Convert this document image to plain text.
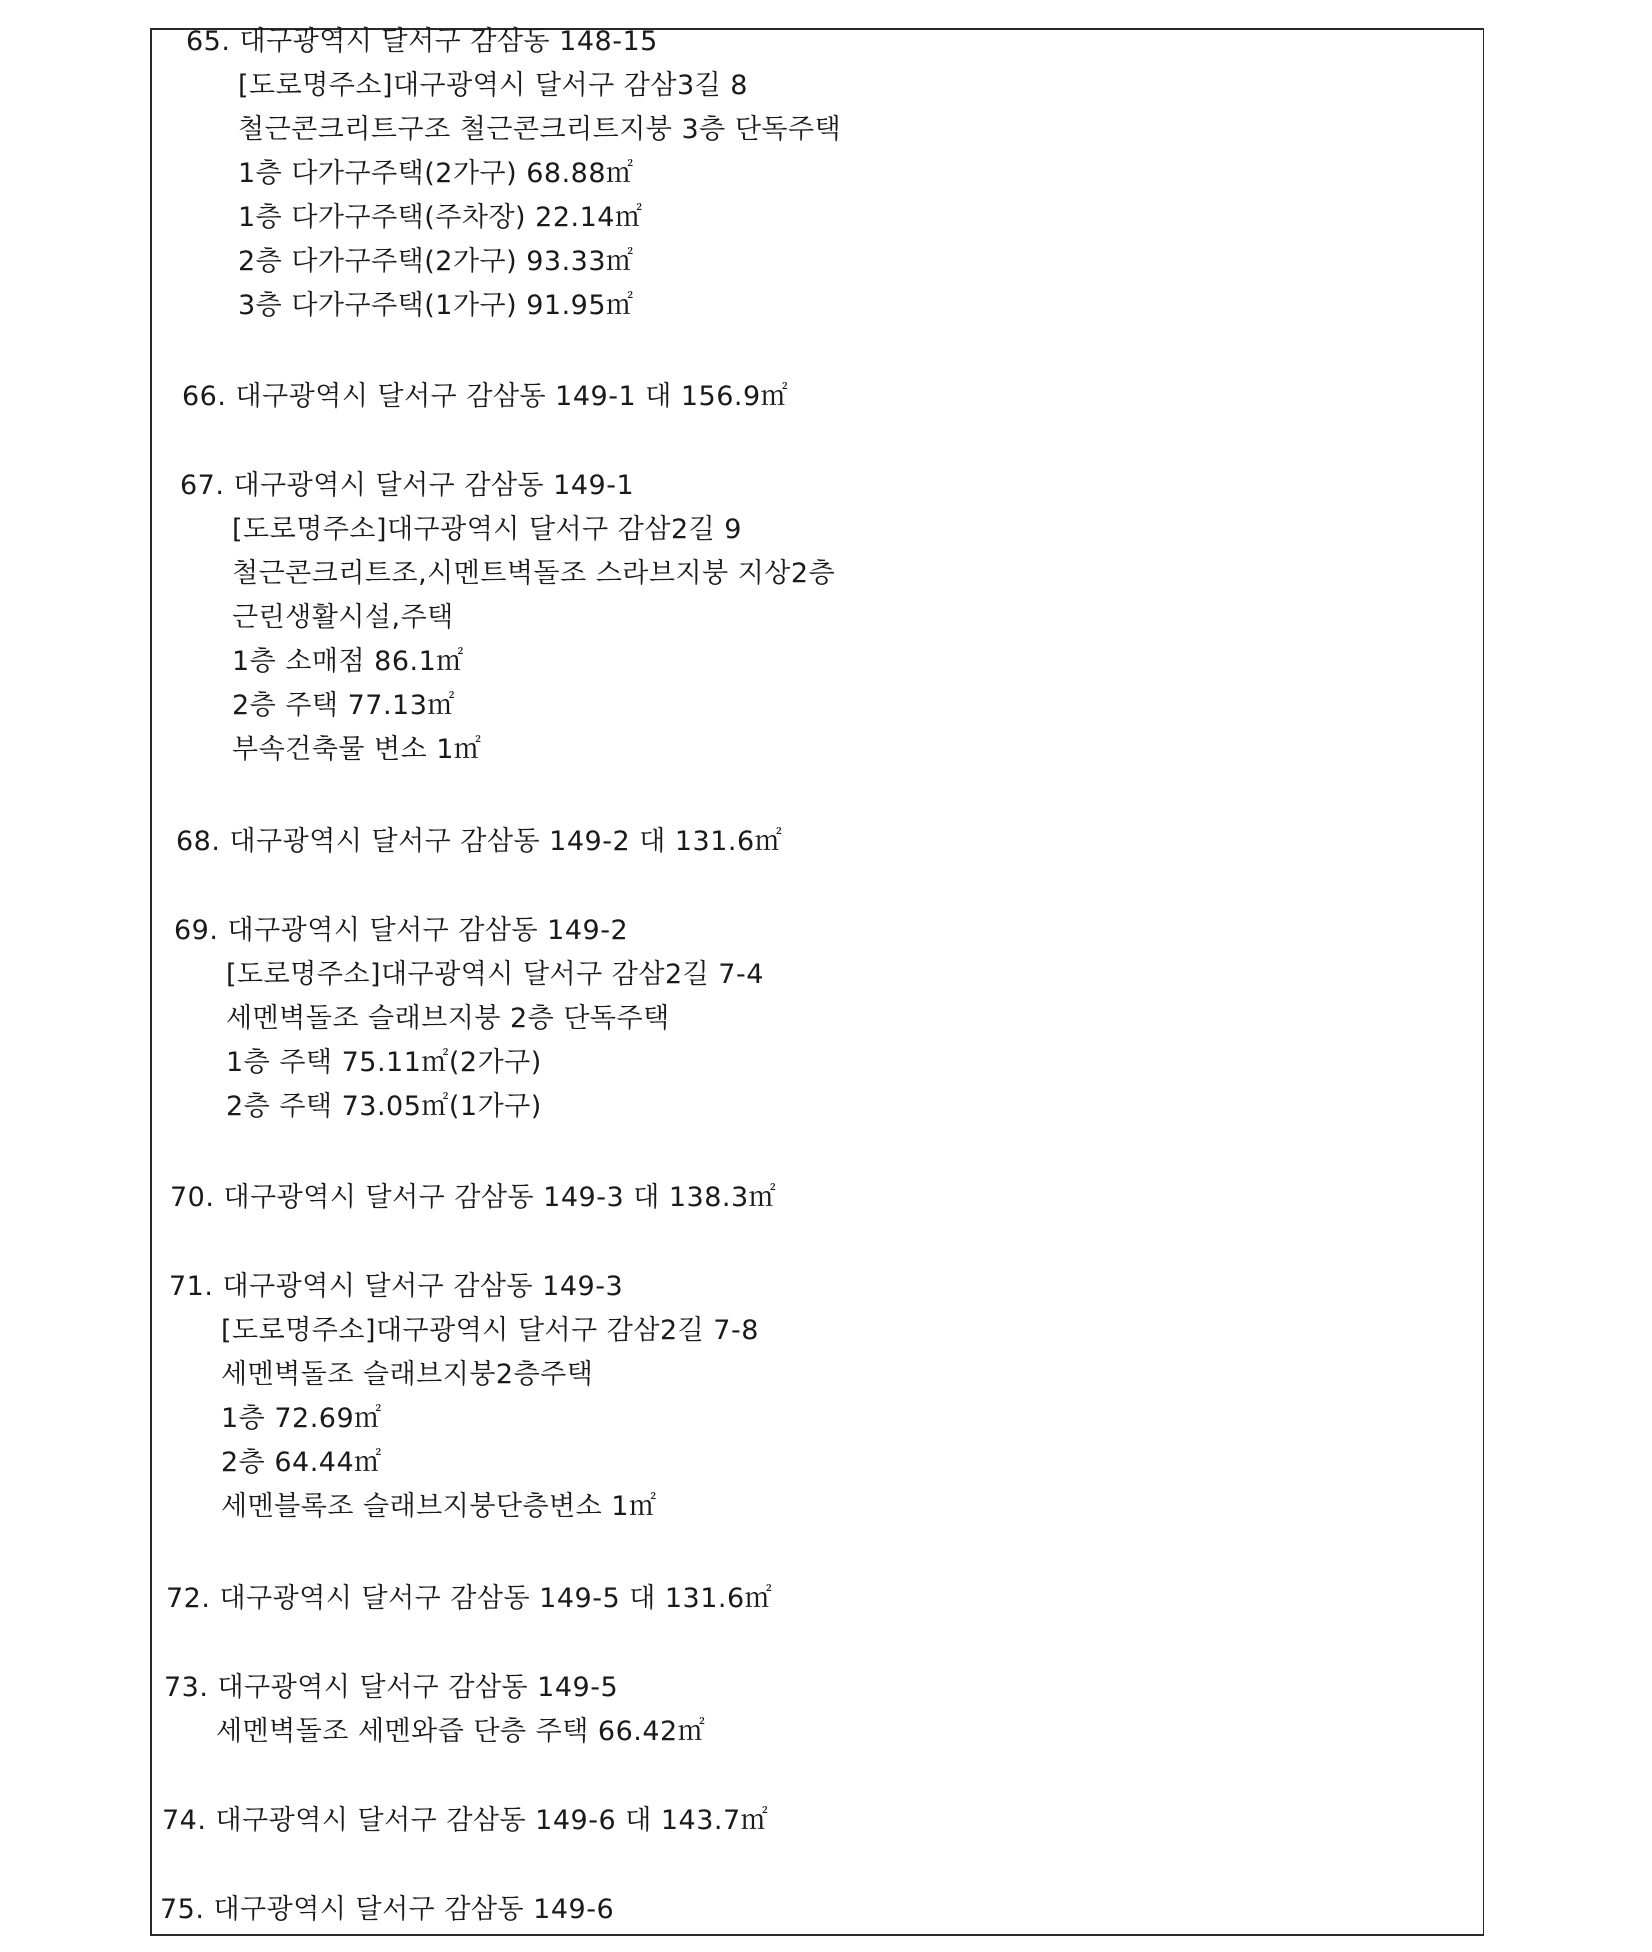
65. 대구광역시 달서구 감삼동 148-15
[도로명주소]대구광역시 달서구 감삼3길 8
철근콘크리트구조 철근콘크리트지붕 3층 단독주택
1층 다가구주택(2가구) 68.88㎡
1층 다가구주택(주차장) 22.14㎡
2층 다가구주택(2가구) 93.33㎡
3층 다가구주택(1가구) 91.95㎡
66. 대구광역시 달서구 감삼동 149-1 대 156.9㎡
67. 대구광역시 달서구 감삼동 149-1
[도로명주소]대구광역시 달서구 감삼2길 9
철근콘크리트조,시멘트벽돌조 스라브지붕 지상2층
근린생활시설,주택
1층 소매점 86.1㎡
2층 주택 77.13㎡
부속건축물 변소 1㎡
68. 대구광역시 달서구 감삼동 149-2 대 131.6㎡
69. 대구광역시 달서구 감삼동 149-2
[도로명주소]대구광역시 달서구 감삼2길 7-4
세멘벽돌조 슬래브지붕 2층 단독주택
1층 주택 75.11㎡(2가구)
2층 주택 73.05㎡(1가구)
70. 대구광역시 달서구 감삼동 149-3 대 138.3㎡
71. 대구광역시 달서구 감삼동 149-3
[도로명주소]대구광역시 달서구 감삼2길 7-8
세멘벽돌조 슬래브지붕2층주택
1층 72.69㎡
2층 64.44㎡
세멘블록조 슬래브지붕단층변소 1㎡
72. 대구광역시 달서구 감삼동 149-5 대 131.6㎡
73. 대구광역시 달서구 감삼동 149-5
세멘벽돌조 세멘와즙 단층 주택 66.42㎡
74. 대구광역시 달서구 감삼동 149-6 대 143.7㎡
75. 대구광역시 달서구 감삼동 149-6
